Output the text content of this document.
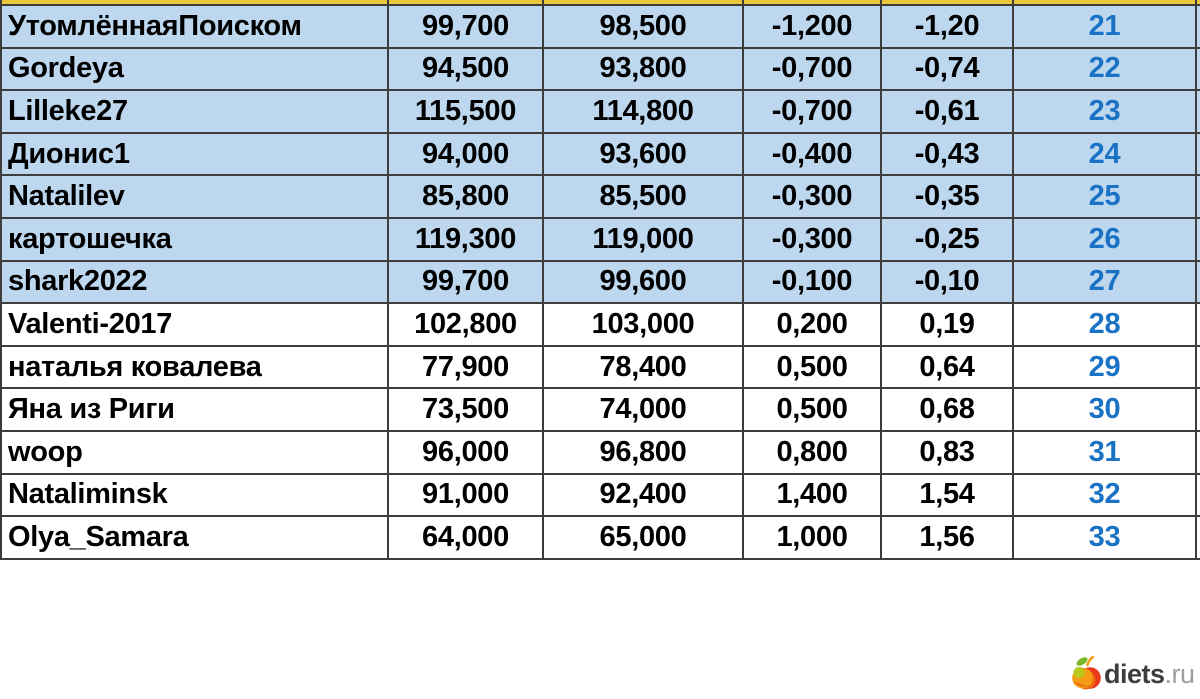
УтомлённаяПоиском	99,700	98,500	-1,200	-1,20	21
Gordeya	94,500	93,800	-0,700	-0,74	22
Lilleke27	115,500	114,800	-0,700	-0,61	23
Дионис1	94,000	93,600	-0,400	-0,43	24
Natalilev	85,800	85,500	-0,300	-0,35	25
картошечка	119,300	119,000	-0,300	-0,25	26
shark2022	99,700	99,600	-0,100	-0,10	27
Valenti-2017	102,800	103,000	0,200	0,19	28
наталья ковалева	77,900	78,400	0,500	0,64	29
Яна из Риги	73,500	74,000	0,500	0,68	30
woop	96,000	96,800	0,800	0,83	31
Nataliminsk	91,000	92,400	1,400	1,54	32
Olya_Samara	64,000	65,000	1,000	1,56	33
diets.ru
